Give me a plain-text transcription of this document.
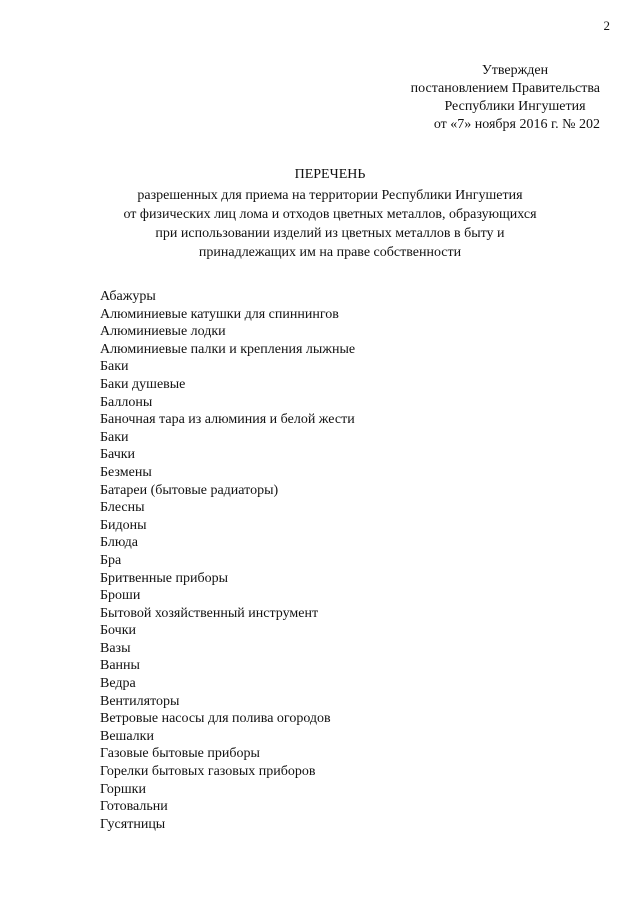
2
Утвержден
постановлением Правительства
Республики Ингушетия
от «7» ноября 2016 г. № 202
ПЕРЕЧЕНЬ
разрешенных для приема на территории Республики Ингушетия
от физических лиц лома и отходов цветных металлов, образующихся
при использовании изделий из цветных металлов в быту и
принадлежащих им на праве собственности
Абажуры
Алюминиевые катушки для спиннингов
Алюминиевые лодки
Алюминиевые палки и крепления лыжные
Баки
Баки душевые
Баллоны
Баночная тара из алюминия и белой жести
Баки
Бачки
Безмены
Батареи (бытовые радиаторы)
Блесны
Бидоны
Блюда
Бра
Бритвенные приборы
Броши
Бытовой хозяйственный инструмент
Бочки
Вазы
Ванны
Ведра
Вентиляторы
Ветровые насосы для полива огородов
Вешалки
Газовые бытовые приборы
Горелки бытовых газовых приборов
Горшки
Готовальни
Гусятницы
